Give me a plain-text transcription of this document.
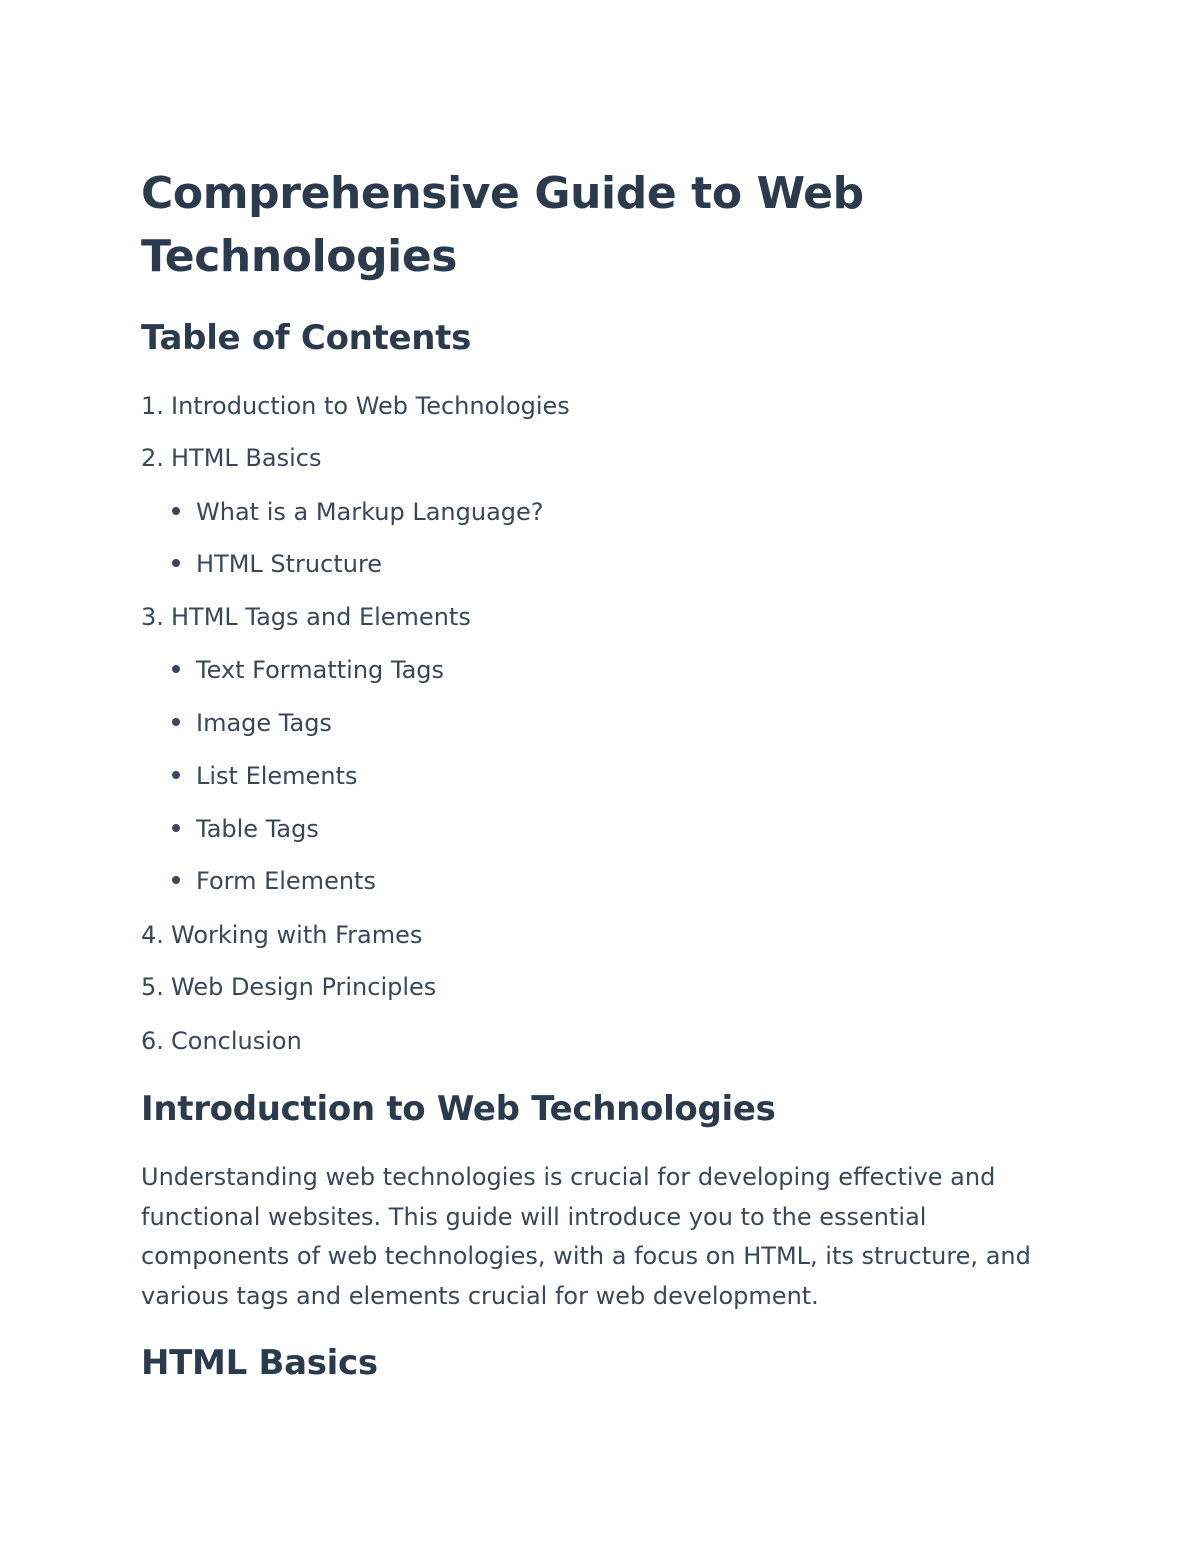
Comprehensive Guide to Web Technologies
Table of Contents
1. Introduction to Web Technologies
2. HTML Basics
What is a Markup Language?
HTML Structure
3. HTML Tags and Elements
Text Formatting Tags
Image Tags
List Elements
Table Tags
Form Elements
4. Working with Frames
5. Web Design Principles
6. Conclusion
Introduction to Web Technologies

Understanding web technologies is crucial for developing effective and functional websites. This guide will introduce you to the essential components of web technologies, with a focus on HTML, its structure, and various tags and elements crucial for web development.

HTML Basics
